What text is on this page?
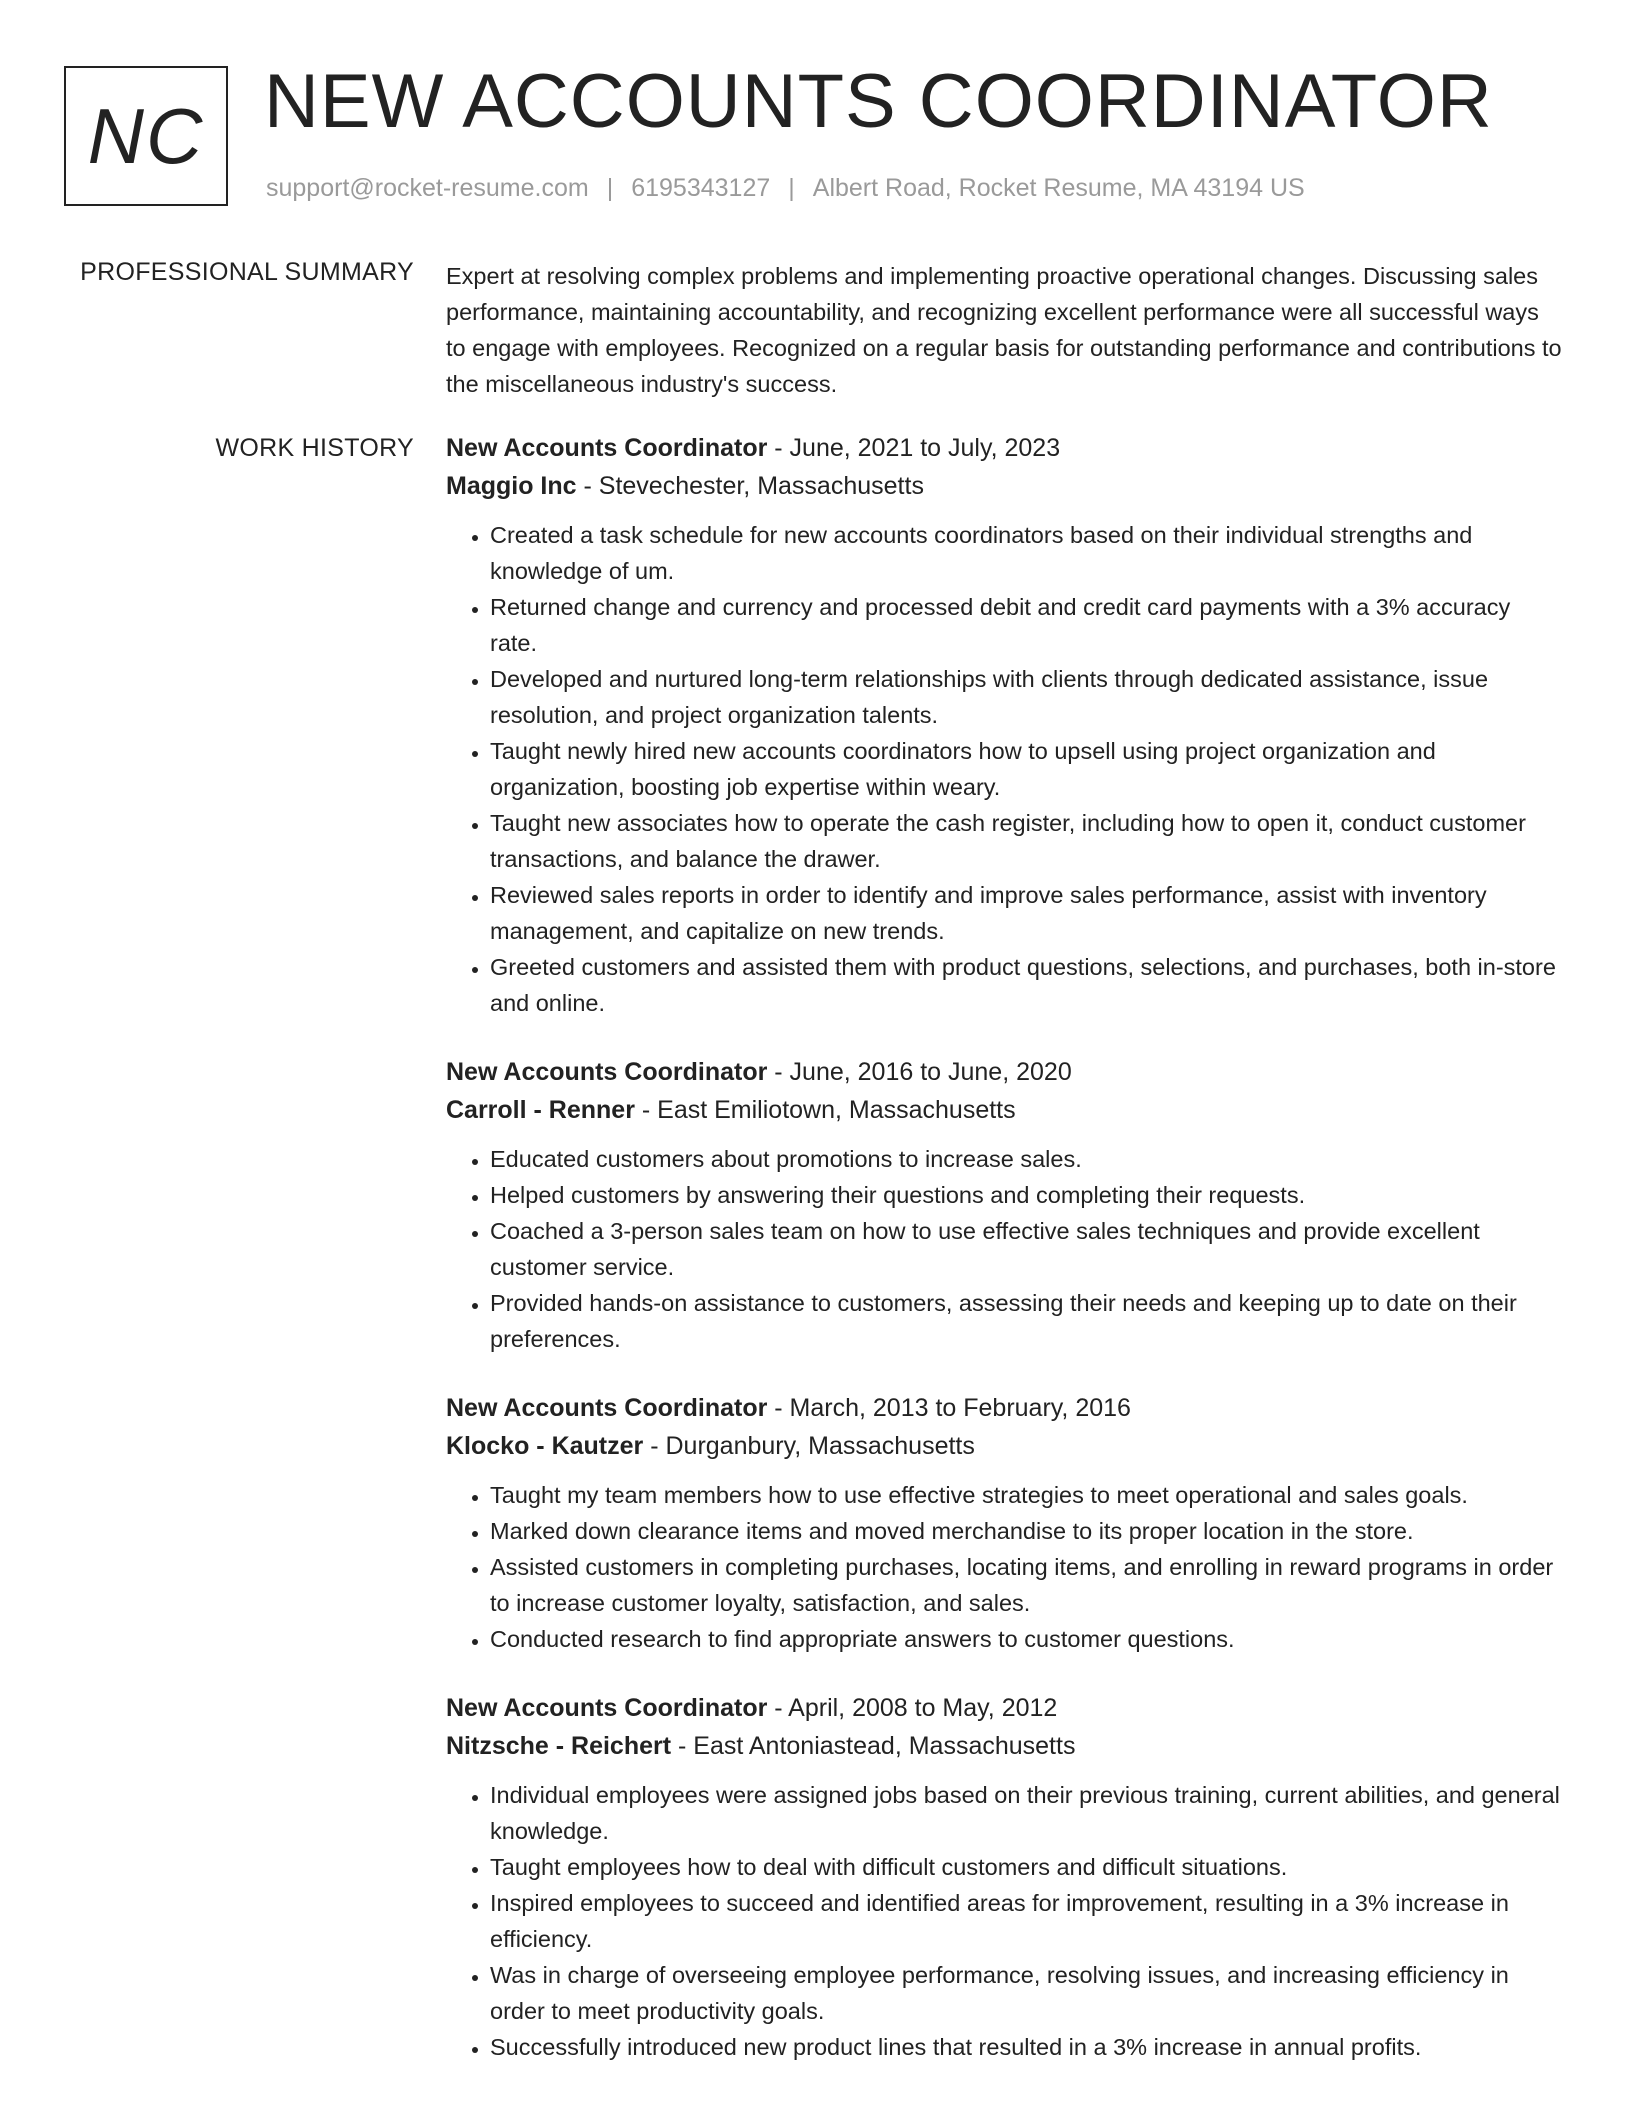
NC NEW ACCOUNTS COORDINATOR
support@rocket-resume.com | 6195343127 | Albert Road, Rocket Resume, MA 43194 US
PROFESSIONAL SUMMARY Expert at resolving complex problems and implementing proactive operational changes. Discussing sales performance, maintaining accountability, and recognizing excellent performance were all successful ways to engage with employees. Recognized on a regular basis for outstanding performance and contributions to the miscellaneous industry's success.

WORK HISTORY New Accounts Coordinator - June, 2021 to July, 2023
Maggio Inc - Stevechester, Massachusetts
• Created a task schedule for new accounts coordinators based on their individual strengths and knowledge of um.
• Returned change and currency and processed debit and credit card payments with a 3% accuracy rate.
• Developed and nurtured long-term relationships with clients through dedicated assistance, issue resolution, and project organization talents.
• Taught newly hired new accounts coordinators how to upsell using project organization and organization, boosting job expertise within weary.
• Taught new associates how to operate the cash register, including how to open it, conduct customer transactions, and balance the drawer.
• Reviewed sales reports in order to identify and improve sales performance, assist with inventory management, and capitalize on new trends.
• Greeted customers and assisted them with product questions, selections, and purchases, both in-store and online.
New Accounts Coordinator - June, 2016 to June, 2020
Carroll - Renner - East Emiliotown, Massachusetts
• Educated customers about promotions to increase sales.
• Helped customers by answering their questions and completing their requests.
• Coached a 3-person sales team on how to use effective sales techniques and provide excellent customer service.
• Provided hands-on assistance to customers, assessing their needs and keeping up to date on their preferences.
New Accounts Coordinator - March, 2013 to February, 2016
Klocko - Kautzer - Durganbury, Massachusetts
• Taught my team members how to use effective strategies to meet operational and sales goals.
• Marked down clearance items and moved merchandise to its proper location in the store.
• Assisted customers in completing purchases, locating items, and enrolling in reward programs in order to increase customer loyalty, satisfaction, and sales.
• Conducted research to find appropriate answers to customer questions.
New Accounts Coordinator - April, 2008 to May, 2012
Nitzsche - Reichert - East Antoniastead, Massachusetts
• Individual employees were assigned jobs based on their previous training, current abilities, and general knowledge.
• Taught employees how to deal with difficult customers and difficult situations.
• Inspired employees to succeed and identified areas for improvement, resulting in a 3% increase in efficiency.
• Was in charge of overseeing employee performance, resolving issues, and increasing efficiency in order to meet productivity goals.
• Successfully introduced new product lines that resulted in a 3% increase in annual profits.
